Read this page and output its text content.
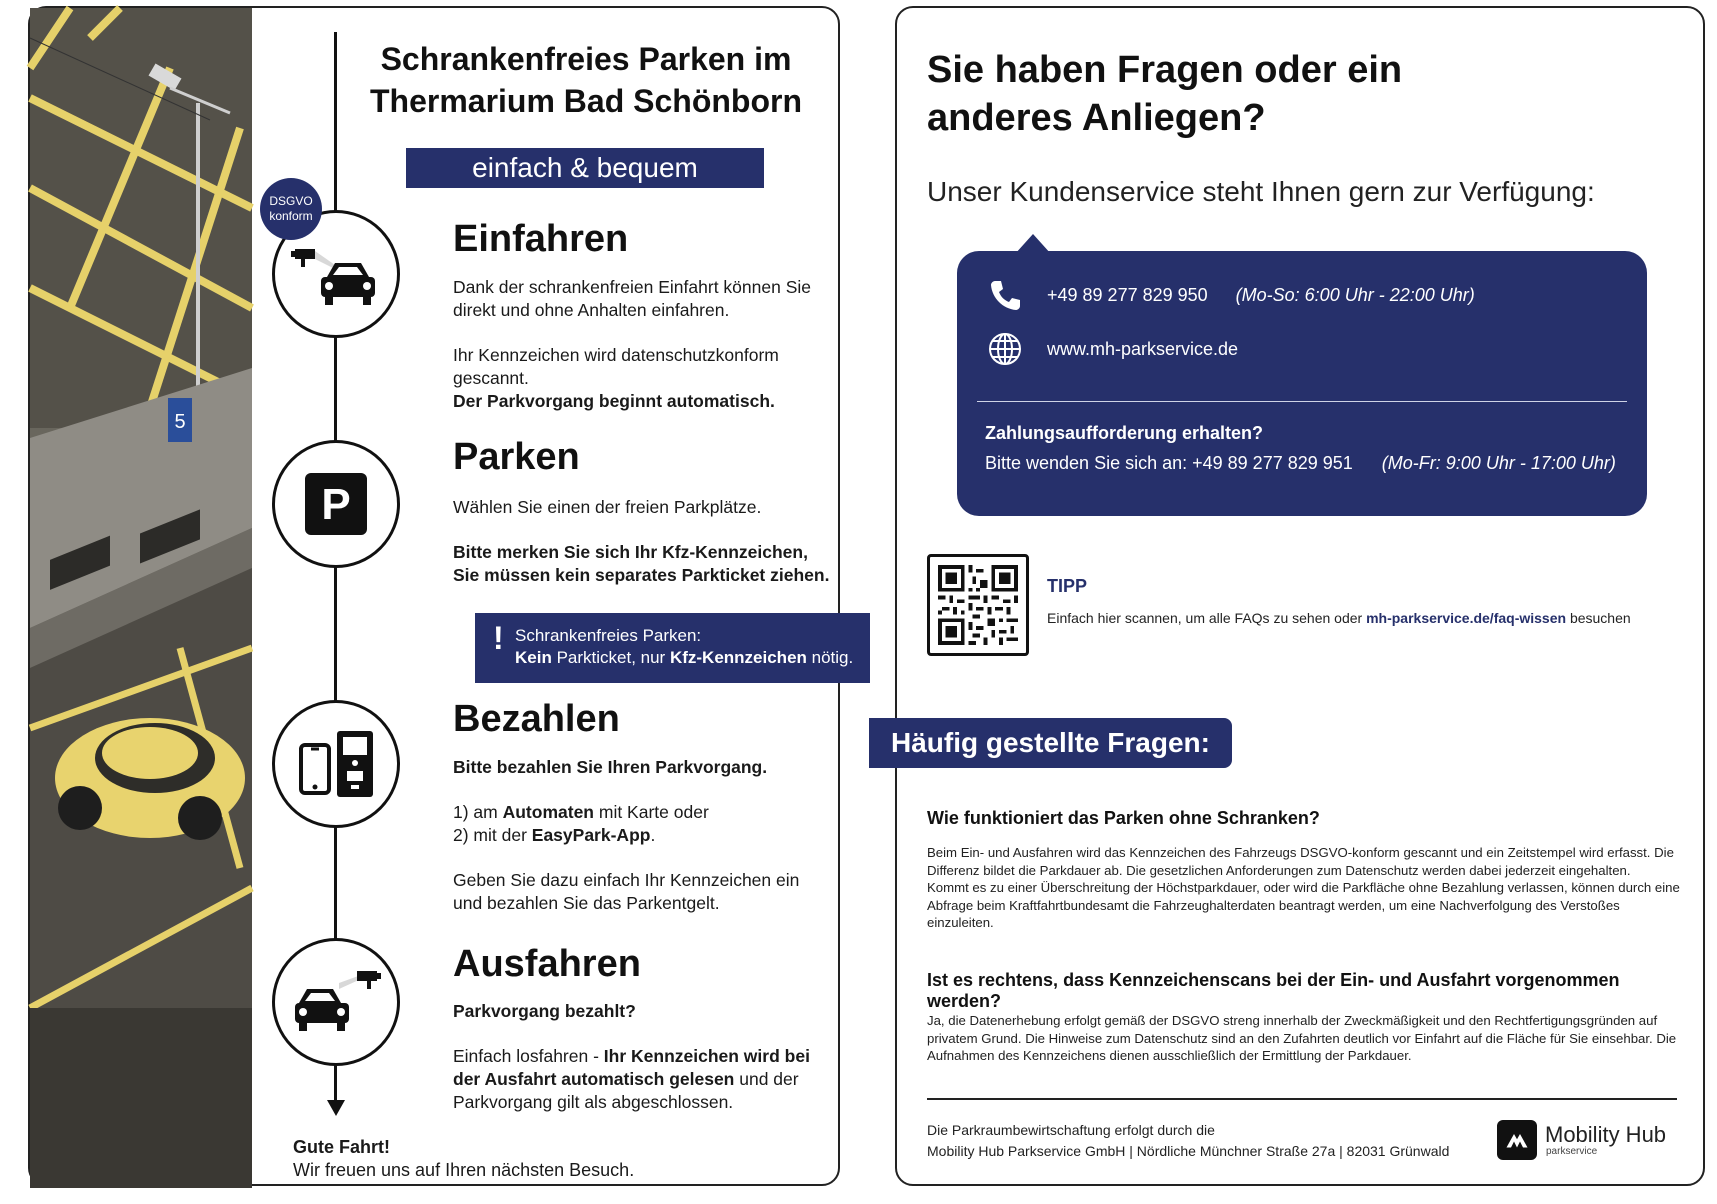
5
DSGVO
konform
Schrankenfreies Parken im
Thermarium Bad Schönborn
einfach & bequem
Einfahren

Dank der schrankenfreien Einfahrt können Sie direkt und ohne Anhalten einfahren.

Ihr Kennzeichen wird datenschutzkonform gescannt.

Der Parkvorgang beginnt automatisch.
P
Parken

Wählen Sie einen der freien Parkplätze.

Bitte merken Sie sich Ihr Kfz-Kennzeichen, Sie müssen kein separates Parkticket ziehen.
! Schrankenfreies Parken:
Kein Parkticket, nur Kfz-Kennzeichen nötig.
Bezahlen

Bitte bezahlen Sie Ihren Parkvorgang.

1) am Automaten mit Karte oder

2) mit der EasyPark-App.

Geben Sie dazu einfach Ihr Kennzeichen ein und bezahlen Sie das Parkentgelt.

Ausfahren

Parkvorgang bezahlt?

Einfach losfahren - Ihr Kennzeichen wird bei der Ausfahrt automatisch gelesen und der Parkvorgang gilt als abgeschlossen.

Gute Fahrt!
Wir freuen uns auf Ihren nächsten Besuch.
Sie haben Fragen oder ein
anderes Anliegen?
Unser Kundenservice steht Ihnen gern zur Verfügung:
+49 89 277 829 950 (Mo-So: 6:00 Uhr - 22:00 Uhr)
www.mh-parkservice.de
Zahlungsaufforderung erhalten?
Bitte wenden Sie sich an: +49 89 277 829 951 (Mo-Fr: 9:00 Uhr - 17:00 Uhr)
TIPP
Einfach hier scannen, um alle FAQs zu sehen oder mh-parkservice.de/faq-wissen besuchen
Häufig gestellte Fragen:
Wie funktioniert das Parken ohne Schranken?
Beim Ein- und Ausfahren wird das Kennzeichen des Fahrzeugs DSGVO-konform gescannt und ein Zeitstempel wird erfasst. Die Differenz bildet die Parkdauer ab. Die gesetzlichen Anforderungen zum Datenschutz werden dabei jederzeit eingehalten.
Kommt es zu einer Überschreitung der Höchstparkdauer, oder wird die Parkfläche ohne Bezahlung verlassen, können durch eine Abfrage beim Kraftfahrtbundesamt die Fahrzeughalterdaten beantragt werden, um eine Nachverfolgung des Verstoßes einzuleiten.
Ist es rechtens, dass Kennzeichenscans bei der Ein- und Ausfahrt vorgenommen werden?
Ja, die Datenerhebung erfolgt gemäß der DSGVO streng innerhalb der Zweckmäßigkeit und den Rechtfertigungsgründen auf privatem Grund. Die Hinweise zum Datenschutz sind an den Zufahrten deutlich vor Einfahrt auf die Fläche für Sie einsehbar. Die Aufnahmen des Kennzeichens dienen ausschließlich der Ermittlung der Parkdauer.
Die Parkraumbewirtschaftung erfolgt durch die
Mobility Hub Parkservice GmbH | Nördliche Münchner Straße 27a | 82031 Grünwald
Mobility Hub
parkservice
